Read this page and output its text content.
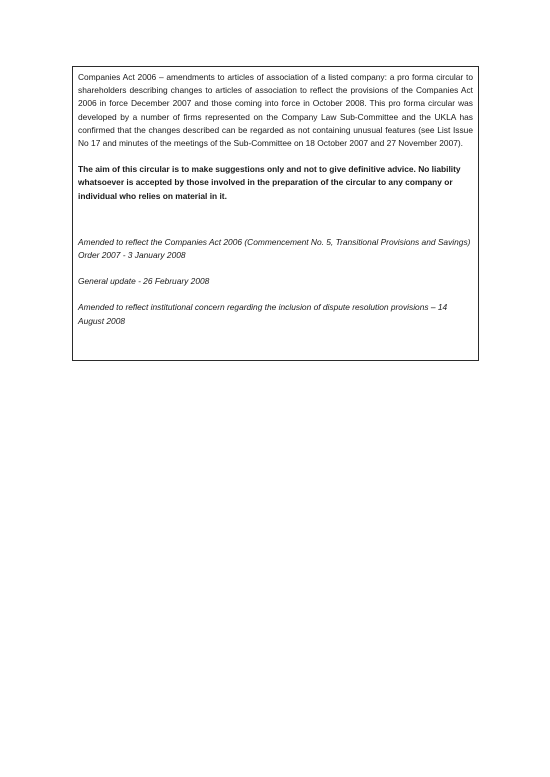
Companies Act 2006 – amendments to articles of association of a listed company: a pro forma circular to shareholders describing changes to articles of association to reflect the provisions of the Companies Act 2006 in force December 2007 and those coming into force in October 2008. This pro forma circular was developed by a number of firms represented on the Company Law Sub-Committee and the UKLA has confirmed that the changes described can be regarded as not containing unusual features (see List Issue No 17 and minutes of the meetings of the Sub-Committee on 18 October 2007 and 27 November 2007).

The aim of this circular is to make suggestions only and not to give definitive advice. No liability whatsoever is accepted by those involved in the preparation of the circular to any company or individual who relies on material in it.

Amended to reflect the Companies Act 2006 (Commencement No. 5, Transitional Provisions and Savings) Order 2007 - 3 January 2008

General update - 26 February 2008

Amended to reflect institutional concern regarding the inclusion of dispute resolution provisions – 14 August 2008
